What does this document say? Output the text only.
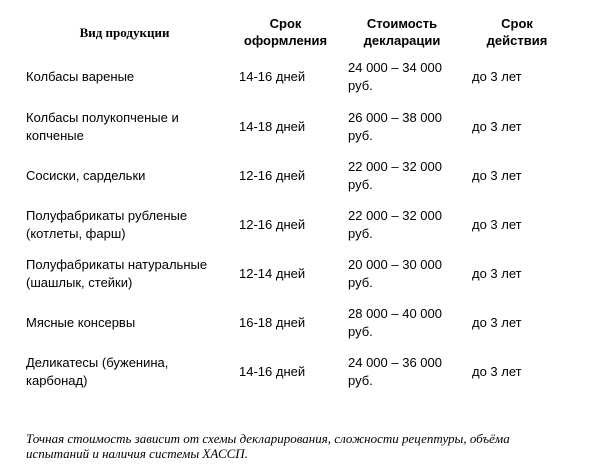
Вид продукции	Срок оформления	Стоимость декларации	Срок действия
Колбасы вареные	14-16 дней	24 000 – 34 000 руб.	до 3 лет
Колбасы полукопченые и копченые	14-18 дней	26 000 – 38 000 руб.	до 3 лет
Сосиски, сардельки	12-16 дней	22 000 – 32 000 руб.	до 3 лет
Полуфабрикаты рубленые (котлеты, фарш)	12-16 дней	22 000 – 32 000 руб.	до 3 лет
Полуфабрикаты натуральные (шашлык, стейки)	12-14 дней	20 000 – 30 000 руб.	до 3 лет
Мясные консервы	16-18 дней	28 000 – 40 000 руб.	до 3 лет
Деликатесы (буженина, карбонад)	14-16 дней	24 000 – 36 000 руб.	до 3 лет

Точная стоимость зависит от схемы декларирования, сложности рецептуры, объёма испытаний и наличия системы ХАССП.
